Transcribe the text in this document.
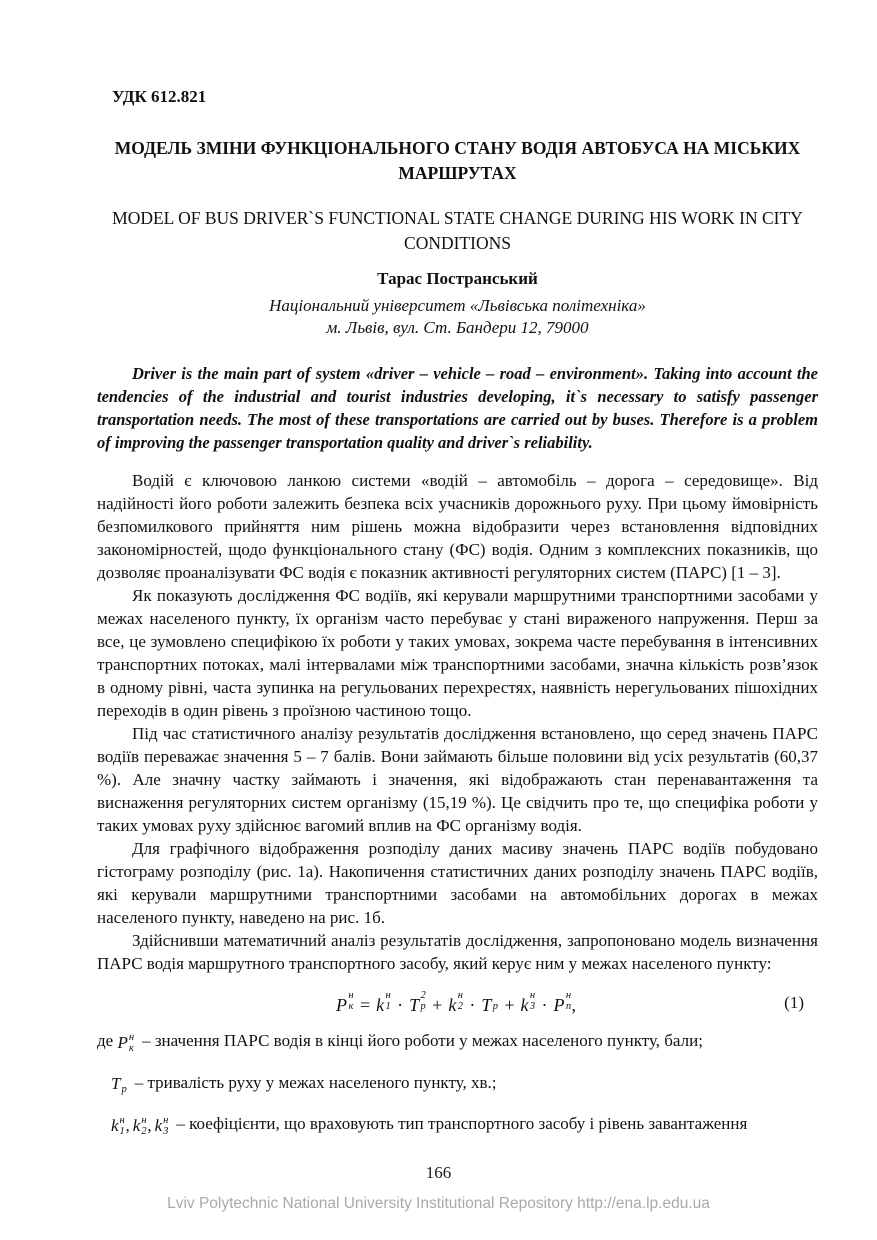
УДК 612.821
МОДЕЛЬ ЗМІНИ ФУНКЦІОНАЛЬНОГО СТАНУ ВОДІЯ АВТОБУСА НА МІСЬКИХ МАРШРУТАХ
MODEL OF BUS DRIVER`S FUNCTIONAL STATE CHANGE DURING HIS WORK IN CITY CONDITIONS
Тарас Постранський
Національний університет «Львівська політехніка»
м. Львів, вул. Ст. Бандери 12, 79000

Driver is the main part of system «driver – vehicle – road – environment». Taking into account the tendencies of the industrial and tourist industries developing, it`s necessary to satisfy passenger transportation needs. The most of these transportations are carried out by buses. Therefore is a problem of improving the passenger transportation quality and driver`s reliability.

Водій є ключовою ланкою системи «водій – автомобіль – дорога – середовище». Від надійності його роботи залежить безпека всіх учасників дорожнього руху. При цьому ймовірність безпомилкового прийняття ним рішень можна відобразити через встановлення відповідних закономірностей, щодо функціонального стану (ФС) водія. Одним з комплексних показників, що дозволяє проаналізувати ФС водія є показник активності регуляторних систем (ПАРС) [1 – 3].

Як показують дослідження ФС водіїв, які керували маршрутними транспортними засобами у межах населеного пункту, їх організм часто перебуває у стані вираженого напруження. Перш за все, це зумовлено специфікою їх роботи у таких умовах, зокрема часте перебування в інтенсивних транспортних потоках, малі інтервалами між транспортними засобами, значна кількість розв’язок в одному рівні, часта зупинка на регульованих перехрестях, наявність нерегульованих пішохідних переходів в один рівень з проїзною частиною тощо.

Під час статистичного аналізу результатів дослідження встановлено, що серед значень ПАРС водіїв переважає значення 5 – 7 балів. Вони займають більше половини від усіх результатів (60,37 %). Але значну частку займають і значення, які відображають стан перенавантаження та виснаження регуляторних систем організму (15,19 %). Це свідчить про те, що специфіка роботи у таких умовах руху здійснює вагомий вплив на ФС організму водія.

Для графічного відображення розподілу даних масиву значень ПАРС водіїв побудовано гістограму розподілу (рис. 1а). Накопичення статистичних даних розподілу значень ПАРС водіїв, які керували маршрутними транспортними засобами на автомобільних дорогах в межах населеного пункту, наведено на рис. 1б.

Здійснивши математичний аналіз результатів дослідження, запропоновано модель визначення ПАРС водія маршрутного транспортного засобу, який керує ним у межах населеного пункту:

Р н
к = k н
1 · Т 2
р + k н
2 · Т р + k н
3 · Р н
п ,	(1)
де Р н
к – значення ПАРС водія в кінці його роботи у межах населеного пункту, бали;
Т р – тривалість руху у межах населеного пункту, хв.;
k н
1 , k н
2 , k н
3 – коефіцієнти, що враховують тип транспортного засобу і рівень завантаження
166
Lviv Polytechnic National University Institutional Repository http://ena.lp.edu.ua
